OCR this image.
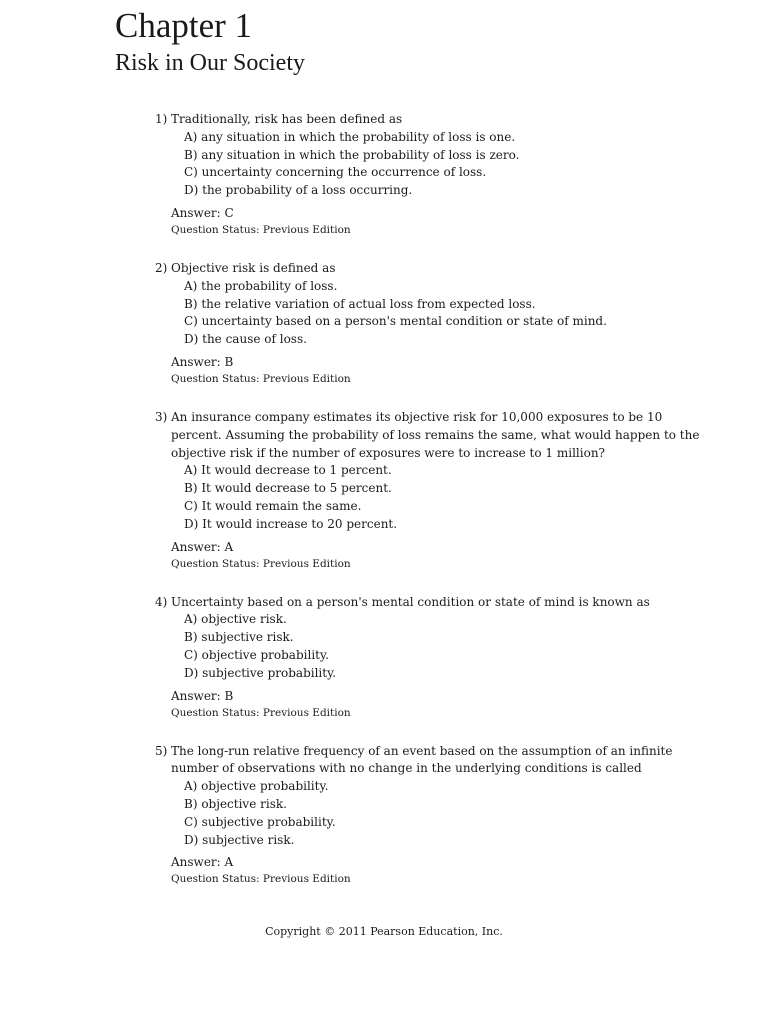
Chapter 1
Risk in Our Society
1) Traditionally, risk has been defined as
A) any situation in which the probability of loss is one.
B) any situation in which the probability of loss is zero.
C) uncertainty concerning the occurrence of loss.
D) the probability of a loss occurring.
Answer: C
Question Status: Previous Edition
2) Objective risk is defined as
A) the probability of loss.
B) the relative variation of actual loss from expected loss.
C) uncertainty based on a person's mental condition or state of mind.
D) the cause of loss.
Answer: B
Question Status: Previous Edition
3) An insurance company estimates its objective risk for 10,000 exposures to be 10 percent. Assuming the probability of loss remains the same, what would happen to the objective risk if the number of exposures were to increase to 1 million?
A) It would decrease to 1 percent.
B) It would decrease to 5 percent.
C) It would remain the same.
D) It would increase to 20 percent.
Answer: A
Question Status: Previous Edition
4) Uncertainty based on a person's mental condition or state of mind is known as
A) objective risk.
B) subjective risk.
C) objective probability.
D) subjective probability.
Answer: B
Question Status: Previous Edition
5) The long-run relative frequency of an event based on the assumption of an infinite number of observations with no change in the underlying conditions is called
A) objective probability.
B) objective risk.
C) subjective probability.
D) subjective risk.
Answer: A
Question Status: Previous Edition
Copyright © 2011 Pearson Education, Inc.
